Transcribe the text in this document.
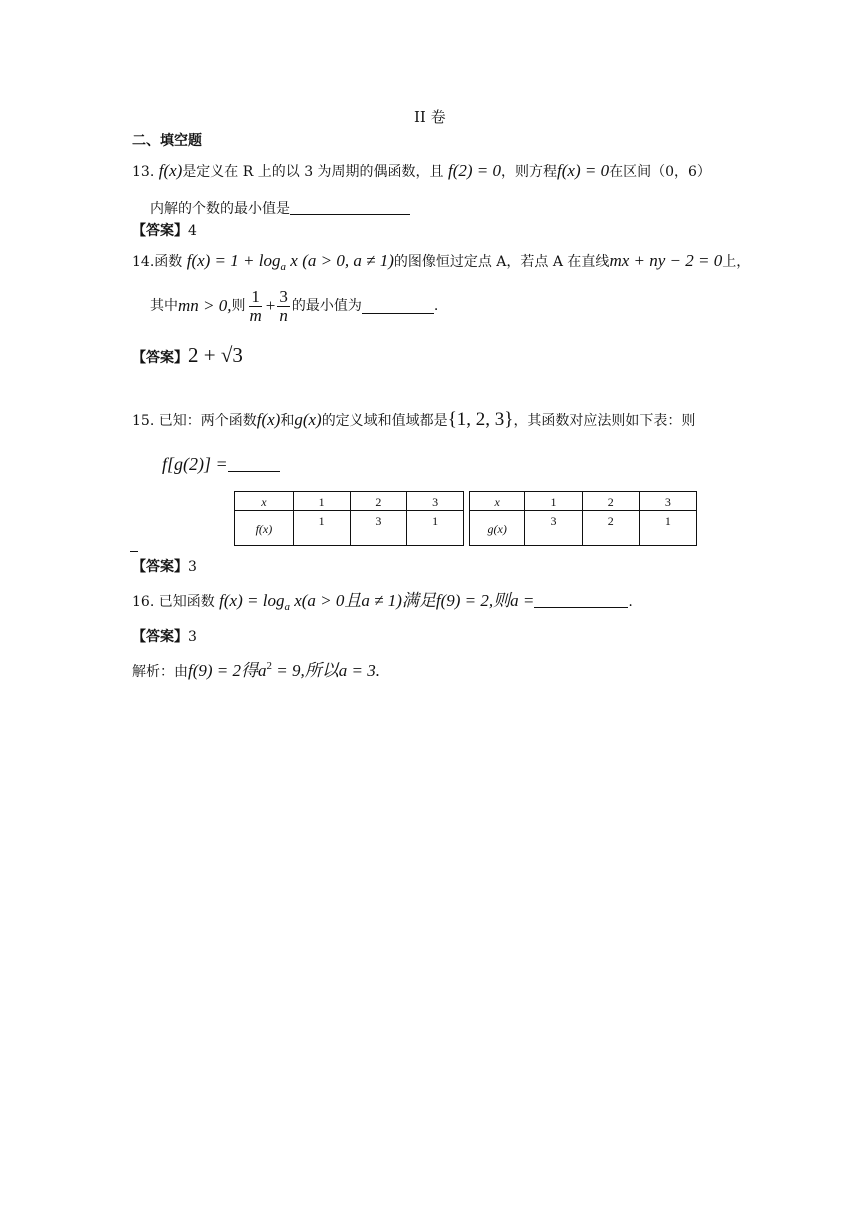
II 卷
二、填空题
13. f(x)是定义在 R 上的以 3 为周期的偶函数，且 f(2) = 0，则方程f(x) = 0在区间（0，6）
内解的个数的最小值是
【答案】4
14.函数 $f(x) = 1 + \log_a x$ (a > 0, a ≠ 1)的图像恒过定点 A，若点 A 在直线mx + ny − 2 = 0上，
其中mn > 0,则 $\frac{1}{m} + \frac{3}{n}$ 的最小值为	.
【答案】2 + √3
15. 已知：两个函数f(x)和g(x)的定义域和值域都是{1, 2, 3}，其函数对应法则如下表：则
f[g(2)] =
x	1	2	3
f(x)	1	3	1
x	1	2	3
g(x)	3	2	1
【答案】3
16. 已知函数 $f(x) = \log_a x(a > 0$且a ≠ 1)满足f(9) = 2,则a =	.
【答案】3
解析：由f(9) = 2得$a^2 = 9$,所以a = 3.
